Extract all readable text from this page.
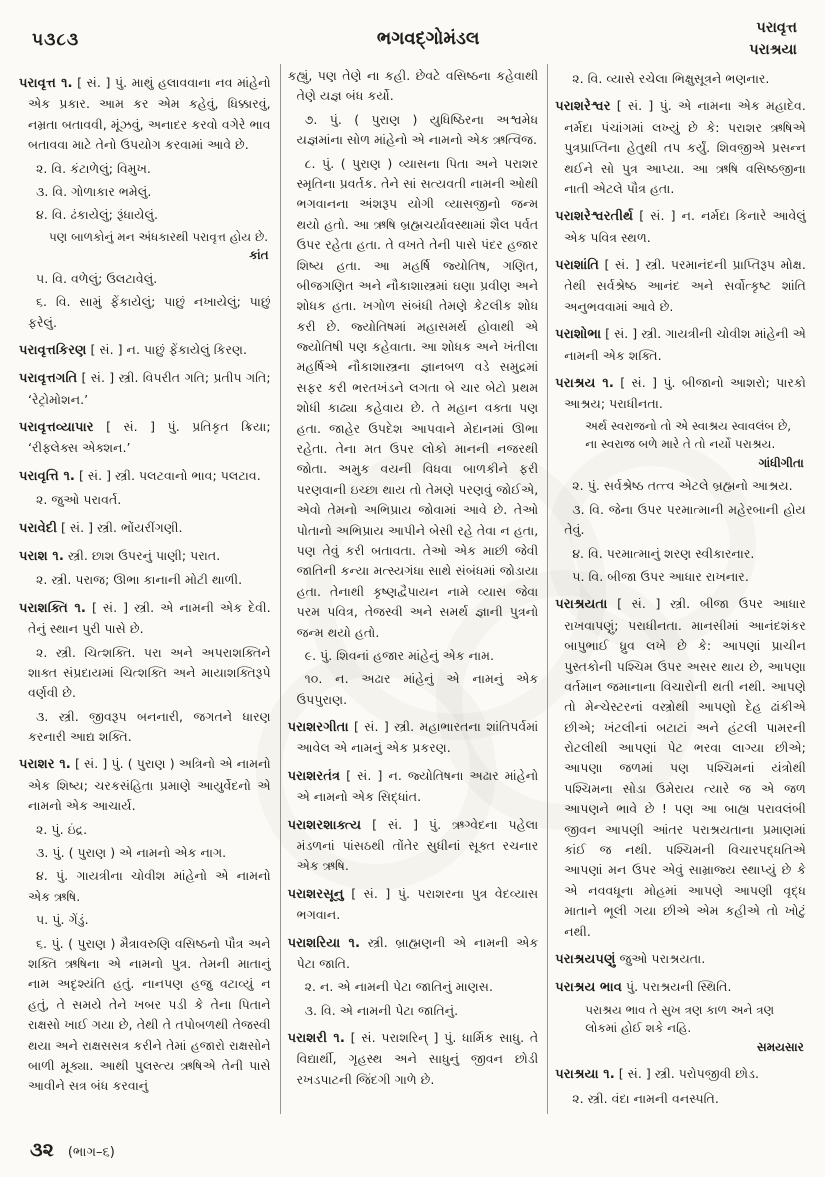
૫૩૮૩	ભગવદ્ગોમંડલ	પરાવૃત્ત
પરાશ્રયા

પરાવૃત્ત ૧. [ સં. ] પું. માથું હલાવવાના નવ માંહેનો એક પ્રકાર. આમ કર એમ કહેવું, ધિક્કારવું, નમ્રતા બતાવવી, મૂંઝવું, અનાદર કરવો વગેરે ભાવ બતાવવા માટે તેનો ઉપયોગ કરવામાં આવે છે.

૨. વિ. કંટાળેલું; વિમુખ.

૩. વિ. ગોળાકાર ભમેલું.

૪. વિ. ઢંકાયેલું; રૂંધાયેલું.

પણ બાળકોનું મન અંધકારથી પરાવૃત્ત હોય છે.

કાંત

૫. વિ. વળેલું; ઉલટાવેલું.

૬. વિ. સામું ફેંકાયેલું; પાછું નખાયેલું; પાછું ફરેલું.

પરાવૃત્તકિરણ [ સં. ] ન. પાછું ફેંકાયેલું કિરણ.

પરાવૃત્તગતિ [ સં. ] સ્ત્રી. વિપરીત ગતિ; પ્રતીપ ગતિ; ‘રેટ્રોમોશન.’

પરાવૃત્તવ્યાપાર [ સં. ] પું. પ્રતિકૃત ક્રિયા; ‘રીફ્લેક્સ એક્શન.’

પરાવૃત્તિ ૧. [ સં. ] સ્ત્રી. પલટવાનો ભાવ; પલટાવ.

૨. જુઓ પરાવર્ત.

પરાવેદી [ સં. ] સ્ત્રી. ભોંયરીંગણી.

પરાશ ૧. સ્ત્રી. છાશ ઉપરનું પાણી; પરાત.

૨. સ્ત્રી. પરાજ; ઊભા કાનાની મોટી થાળી.

પરાશક્તિ ૧. [ સં. ] સ્ત્રી. એ નામની એક દેવી. તેનું સ્થાન પુરી પાસે છે.

૨. સ્ત્રી. ચિત્શક્તિ. પરા અને અપરાશક્તિને શાક્ત સંપ્રદાયમાં ચિત્શક્તિ અને માયાશક્તિરૂપે વર્ણવી છે.

૩. સ્ત્રી. જીવરૂપ બનનારી, જગતને ધારણ કરનારી આદ્ય શક્તિ.

પરાશર ૧. [ સં. ] પું. ( પુરાણ ) અત્રિનો એ નામનો એક શિષ્ય; ચરકસંહિતા પ્રમાણે આયુર્વેદનો એ નામનો એક આચાર્ય.

૨. પું. ઇંદ્ર.

૩. પું. ( પુરાણ ) એ નામનો એક નાગ.

૪. પું. ગાયત્રીના ચોવીશ માંહેનો એ નામનો એક ઋષિ.

૫. પું. ગેંડું.

૬. પું. ( પુરાણ ) મૈત્રાવરુણિ વસિષ્ઠનો પૌત્ર અને શક્તિ ઋષિના એ નામનો પુત્ર. તેમની માતાનું નામ અદૃશ્યંતિ હતું. નાનપણ હજુ વટાવ્યું ન હતું, તે સમયે તેને ખબર પડી કે તેના પિતાને રાક્ષસો ખાઈ ગયા છે, તેથી તે તપોબળથી તેજસ્વી થયા અને રાક્ષસસત્ર કરીને તેમાં હજારો રાક્ષસોને બાળી મૂક્યા. આથી પુલસ્ત્ય ઋષિએ તેની પાસે આવીને સત્ર બંધ કરવાનું

કહ્યું, પણ તેણે ના કહી. છેવટે વસિષ્ઠના કહેવાથી તેણે યજ્ઞ બંધ કર્યો.

૭. પું. ( પુરાણ ) યુધિષ્ઠિરના અશ્વમેધ યજ્ઞમાંના સોળ માંહેનો એ નામનો એક ઋત્વિજ.

૮. પું. ( પુરાણ ) વ્યાસના પિતા અને પરાશર સ્મૃતિના પ્રવર્તક. તેને સાં સત્યવતી નામની ઓથી ભગવાનના અંશરૂપ યોગી વ્યાસજીનો જન્મ થયો હતો. આ ઋષિ બ્રહ્મચર્યાવસ્થામાં શૈલ પર્વત ઉપર રહેતા હતા. તે વખતે તેની પાસે પંદર હજાર શિષ્ય હતા. આ મહર્ષિ જ્યોતિષ, ગણિત, બીજગણિત અને નૌકાશાસ્ત્રમાં ઘણા પ્રવીણ અને શોધક હતા. ખગોળ સંબંધી તેમણે કેટલીક શોધ કરી છે. જ્યોતિષમાં મહાસમર્થ હોવાથી એ જ્યોતિષી પણ કહેવાતા. આ શોધક અને ખંતીલા મહર્ષિએ નૌકાશાસ્ત્રના જ્ઞાનબળ વડે સમુદ્રમાં સફર કરી ભરતખંડને લગતા બે ચાર બેટો પ્રથમ શોધી કાઢ્યા કહેવાય છે. તે મહાન વક્તા પણ હતા. જાહેર ઉપદેશ આપવાને મેદાનમાં ઊભા રહેતા. તેના મત ઉપર લોકો માનની નજરથી જોતા. અમુક વયની વિધવા બાળકીને ફરી પરણવાની ઇચ્છા થાય તો તેમણે પરણવું જોઈએ, એવો તેમનો અભિપ્રાય જોવામાં આવે છે. તેઓ પોતાનો અભિપ્રાય આપીને બેસી રહે તેવા ન હતા, પણ તેવું કરી બતાવતા. તેઓ એક માછી જેવી જાતિની કન્યા મત્સ્યગંધા સાથે સંબંધમાં જોડાયા હતા. તેનાથી કૃષ્ણદ્વૈપાયન નામે વ્યાસ જેવા પરમ પવિત્ર, તેજસ્વી અને સમર્થ જ્ઞાની પુત્રનો જન્મ થયો હતો.

૯. પું. શિવનાં હજાર માંહેનું એક નામ.

૧૦. ન. અઢાર માંહેનું એ નામનું એક ઉપપુરાણ.

પરાશરગીતા [ સં. ] સ્ત્રી. મહાભારતના શાંતિપર્વમાં આવેલ એ નામનું એક પ્રકરણ.

પરાશરતંત્ર [ સં. ] ન. જ્યોતિષના અઢાર માંહેનો એ નામનો એક સિદ્ધાંત.

પરાશરશાક્ત્ય [ સં. ] પું. ઋગ્વેદના પહેલા મંડળનાં પાંસઠથી તોંતેર સુધીનાં સૂક્ત રચનાર એક ઋષિ.

પરાશરસૂનુ [ સં. ] પું. પરાશરના પુત્ર વેદવ્યાસ ભગવાન.

પરાશરિયા ૧. સ્ત્રી. બ્રાહ્મણની એ નામની એક પેટા જાતિ.

૨. ન. એ નામની પેટા જાતિનું માણસ.

૩. વિ. એ નામની પેટા જાતિનું.

પરાશરી ૧. [ સં. પરાશરિન્ ] પું. ધાર્મિક સાધુ. તે વિદ્યાર્થી, ગૃહસ્થ અને સાધુનું જીવન છોડી રખડપાટની જિંદગી ગાળે છે.

૨. વિ. વ્યાસે રચેલા ભિક્ષુસૂત્રને ભણનાર.

પરાશરેશ્વર [ સં. ] પું. એ નામના એક મહાદેવ. નર્મદા પંચાંગમાં લખ્યું છે કે: પરાશર ઋષિએ પુત્રપ્રાપ્તિના હેતુથી તપ કર્યું. શિવજીએ પ્રસન્ન થઈને સો પુત્ર આપ્યા. આ ઋષિ વસિષ્ઠજીના નાતી એટલે પૌત્ર હતા.

પરાશરેશ્વરતીર્થ [ સં. ] ન. નર્મદા કિનારે આવેલું એક પવિત્ર સ્થળ.

પરાશાંતિ [ સં. ] સ્ત્રી. પરમાનંદની પ્રાપ્તિરૂપ મોક્ષ. તેથી સર્વશ્રેષ્ઠ આનંદ અને સર્વોત્કૃષ્ટ શાંતિ અનુભવવામાં આવે છે.

પરાશોભા [ સં. ] સ્ત્રી. ગાયત્રીની ચોવીશ માંહેની એ નામની એક શક્તિ.

પરાશ્રય ૧. [ સં. ] પું. બીજાનો આશરો; પારકો આશ્રય; પરાધીનતા.

અર્થ સ્વરાજનો તો એ સ્વાશ્રય સ્વાવલંબ છે, ના સ્વરાજ બળે મારે તે તો નર્યો પરાશ્રય.

ગાંધીગીતા

૨. પું. સર્વશ્રેષ્ઠ તત્ત્વ એટલે બ્રહ્મનો આશ્રય.

૩. વિ. જેના ઉપર પરમાત્માની મહેરબાની હોય તેવું.

૪. વિ. પરમાત્માનું શરણ સ્વીકારનાર.

૫. વિ. બીજા ઉપર આધાર રાખનાર.

પરાશ્રયતા [ સં. ] સ્ત્રી. બીજા ઉપર આધાર રાખવાપણું; પરાધીનતા. માનસીમાં આનંદશંકર બાપુભાઈ ધ્રુવ લખે છે કે: આપણાં પ્રાચીન પુસ્તકોની પશ્ચિમ ઉપર અસર થાય છે, આપણા વર્તમાન જમાનાના વિચારોની થતી નથી. આપણે તો મેન્ચેસ્ટરનાં વસ્ત્રોથી આપણો દેહ ઢાંકીએ છીએ; ખંટલીનાં બટાટાં અને હંટલી પામરની રોટલીથી આપણાં પેટ ભરવા લાગ્યા છીએ; આપણા જળમાં પણ પશ્ચિમનાં યંત્રોથી પશ્ચિમના સોડા ઉમેરાય ત્યારે જ એ જળ આપણને ભાવે છે ! પણ આ બાહ્ય પરાવલંબી જીવન આપણી આંતર પરાશ્રયતાના પ્રમાણમાં કાંઈ જ નથી. પશ્ચિમની વિચારપદ્ધતિએ આપણાં મન ઉપર એવું સામ્રાજ્ય સ્થાપ્યું છે કે એ નવવધૂના મોહમાં આપણે આપણી વૃદ્ધ માતાને ભૂલી ગયા છીએ એમ કહીએ તો ખોટું નથી.

પરાશ્રયપણું જુઓ પરાશ્રયતા.

પરાશ્રય ભાવ પું. પરાશ્રયની સ્થિતિ.

પરાશ્રય ભાવ તે સુખ ત્રણ કાળ અને ત્રણ લોકમાં હોઈ શકે નહિ.

સમયસાર

પરાશ્રયા ૧. [ સં. ] સ્ત્રી. પરોપજીવી છોડ.

૨. સ્ત્રી. વંદા નામની વનસ્પતિ.

૩૨ (ભાગ–૬)
